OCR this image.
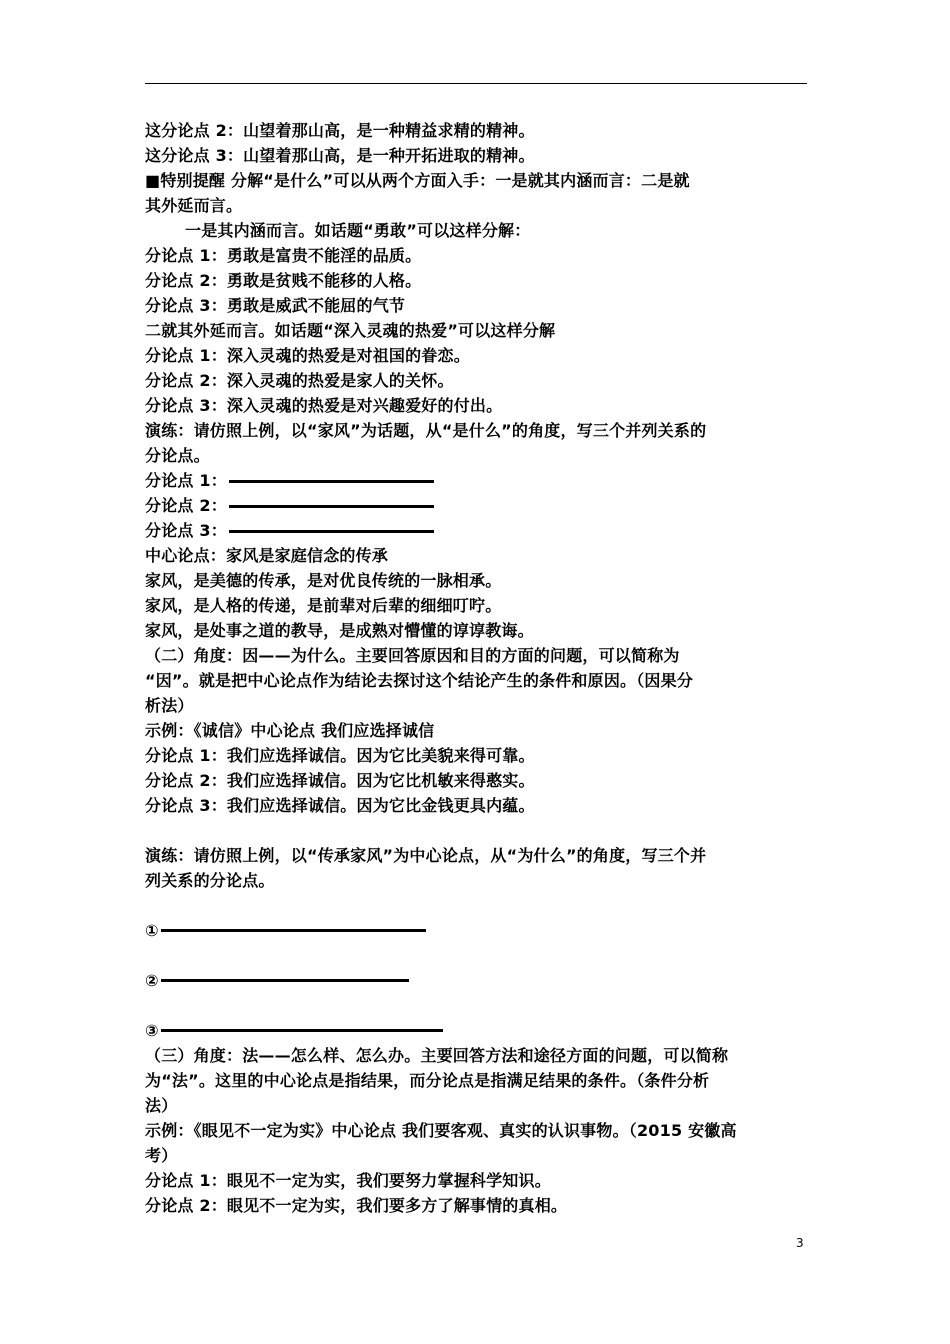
这分论点 2：山望着那山高，是一种精益求精的精神。
这分论点 3：山望着那山高，是一种开拓进取的精神。
■特别提醒 分解“是什么”可以从两个方面入手：一是就其内涵而言：二是就
其外延而言。
一是其内涵而言。如话题“勇敢”可以这样分解：
分论点 1：勇敢是富贵不能淫的品质。
分论点 2：勇敢是贫贱不能移的人格。
分论点 3：勇敢是威武不能屈的气节
二就其外延而言。如话题“深入灵魂的热爱”可以这样分解
分论点 1：深入灵魂的热爱是对祖国的眷恋。
分论点 2：深入灵魂的热爱是家人的关怀。
分论点 3：深入灵魂的热爱是对兴趣爱好的付出。
演练：请仿照上例，以“家风”为话题，从“是什么”的角度，写三个并列关系的
分论点。
分论点 1：
分论点 2：
分论点 3：
中心论点：家风是家庭信念的传承
家风，是美德的传承，是对优良传统的一脉相承。
家风，是人格的传递，是前辈对后辈的细细叮咛。
家风，是处事之道的教导，是成熟对懵懂的谆谆教诲。
（二）角度：因——为什么。主要回答原因和目的方面的问题，可以简称为
“因”。就是把中心论点作为结论去探讨这个结论产生的条件和原因。（因果分
析法）
示例：《诚信》中心论点 我们应选择诚信
分论点 1：我们应选择诚信。因为它比美貌来得可靠。
分论点 2：我们应选择诚信。因为它比机敏来得憨实。
分论点 3：我们应选择诚信。因为它比金钱更具内蕴。
演练：请仿照上例，以“传承家风”为中心论点，从“为什么”的角度，写三个并
列关系的分论点。
①
②
③
（三）角度：法——怎么样、怎么办。主要回答方法和途径方面的问题，可以简称
为“法”。这里的中心论点是指结果，而分论点是指满足结果的条件。（条件分析
法）
示例：《眼见不一定为实》中心论点 我们要客观、真实的认识事物。（2015 安徽高
考）
分论点 1：眼见不一定为实，我们要努力掌握科学知识。
分论点 2：眼见不一定为实，我们要多方了解事情的真相。
3
